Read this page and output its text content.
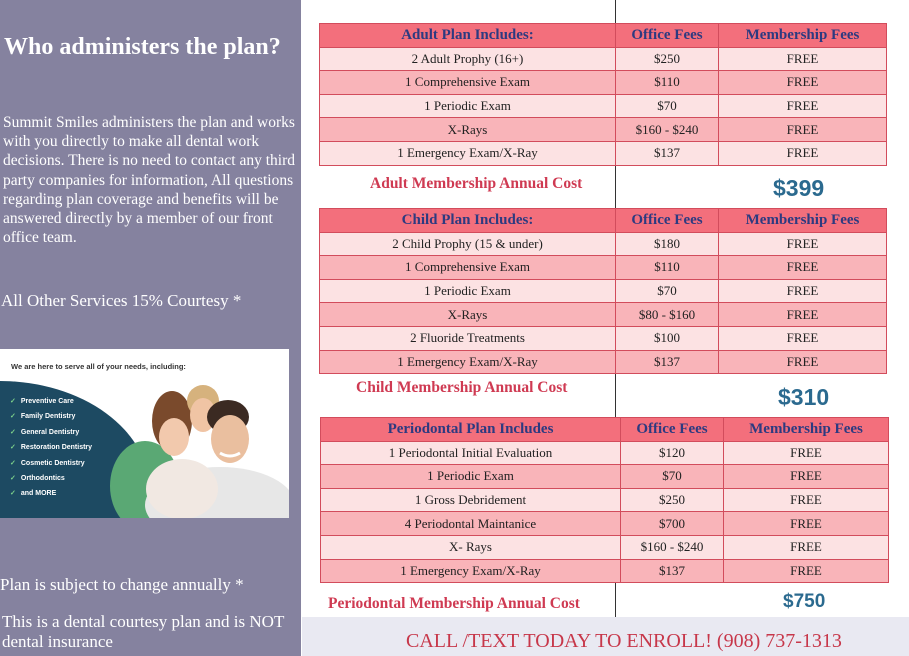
Who administers the plan?
Summit Smiles administers the plan and works with you directly to make all dental work decisions. There is no need to contact any third party companies for information, All questions regarding plan coverage and benefits will be answered directly by a member of our front office team.
All Other Services 15% Courtesy *
We are here to serve all of your needs, including:
✓ Preventive Care
✓ Family Dentistry
✓ General Dentistry
✓ Restoration Dentistry
✓ Cosmetic Dentistry
✓ Orthodontics
✓ and MORE
Plan is subject to change annually *
This is a dental courtesy plan and is NOT dental insurance
Adult Plan Includes:	Office Fees	Membership Fees
2 Adult Prophy (16+)	$250	FREE
1 Comprehensive Exam	$110	FREE
1 Periodic Exam	$70	FREE
X-Rays	$160 - $240	FREE
1 Emergency Exam/X-Ray	$137	FREE
Adult Membership Annual Cost	$399
Child Plan Includes:	Office Fees	Membership Fees
2 Child Prophy (15 & under)	$180	FREE
1 Comprehensive Exam	$110	FREE
1 Periodic Exam	$70	FREE
X-Rays	$80 - $160	FREE
2 Fluoride Treatments	$100	FREE
1 Emergency Exam/X-Ray	$137	FREE
Child Membership Annual Cost	$310
Periodontal Plan Includes	Office Fees	Membership Fees
1 Periodontal Initial Evaluation	$120	FREE
1 Periodic Exam	$70	FREE
1 Gross Debridement	$250	FREE
4 Periodontal Maintanice	$700	FREE
X- Rays	$160 - $240	FREE
1 Emergency Exam/X-Ray	$137	FREE
Periodontal Membership Annual Cost	$750
CALL /TEXT TODAY TO ENROLL! (908) 737-1313
